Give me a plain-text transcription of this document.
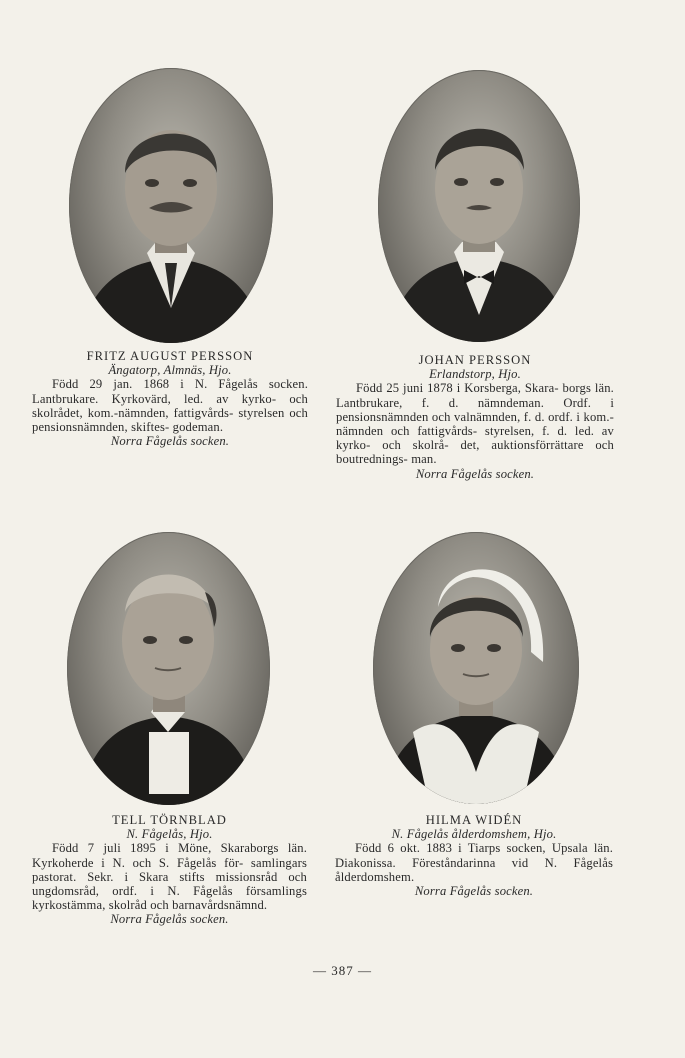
FRITZ AUGUST PERSSON
Ängatorp, Almnäs, Hjo.
Född 29 jan. 1868 i N. Fågelås socken. Lantbrukare. Kyrkovärd, led. av kyrko- och skolrådet, kom.-nämnden, fattigvårds- styrelsen och pensionsnämnden, skiftes- godeman.
Norra Fågelås socken.
JOHAN PERSSON
Erlandstorp, Hjo.
Född 25 juni 1878 i Korsberga, Skara- borgs län. Lantbrukare, f. d. nämndeman. Ordf. i pensionsnämnden och valnämnden, f. d. ordf. i kom.-nämnden och fattigvårds- styrelsen, f. d. led. av kyrko- och skolrå- det, auktionsförrättare och boutrednings- man.
Norra Fågelås socken.
TELL TÖRNBLAD
N. Fågelås, Hjo.
Född 7 juli 1895 i Möne, Skaraborgs län. Kyrkoherde i N. och S. Fågelås för- samlingars pastorat. Sekr. i Skara stifts missionsråd och ungdomsråd, ordf. i N. Fågelås församlings kyrkostämma, skolråd och barnavårdsnämnd.
Norra Fågelås socken.
HILMA WIDÉN
N. Fågelås ålderdomshem, Hjo.
Född 6 okt. 1883 i Tiarps socken, Upsala län. Diakonissa. Föreståndarinna vid N. Fågelås ålderdomshem.
Norra Fågelås socken.
— 387 —
